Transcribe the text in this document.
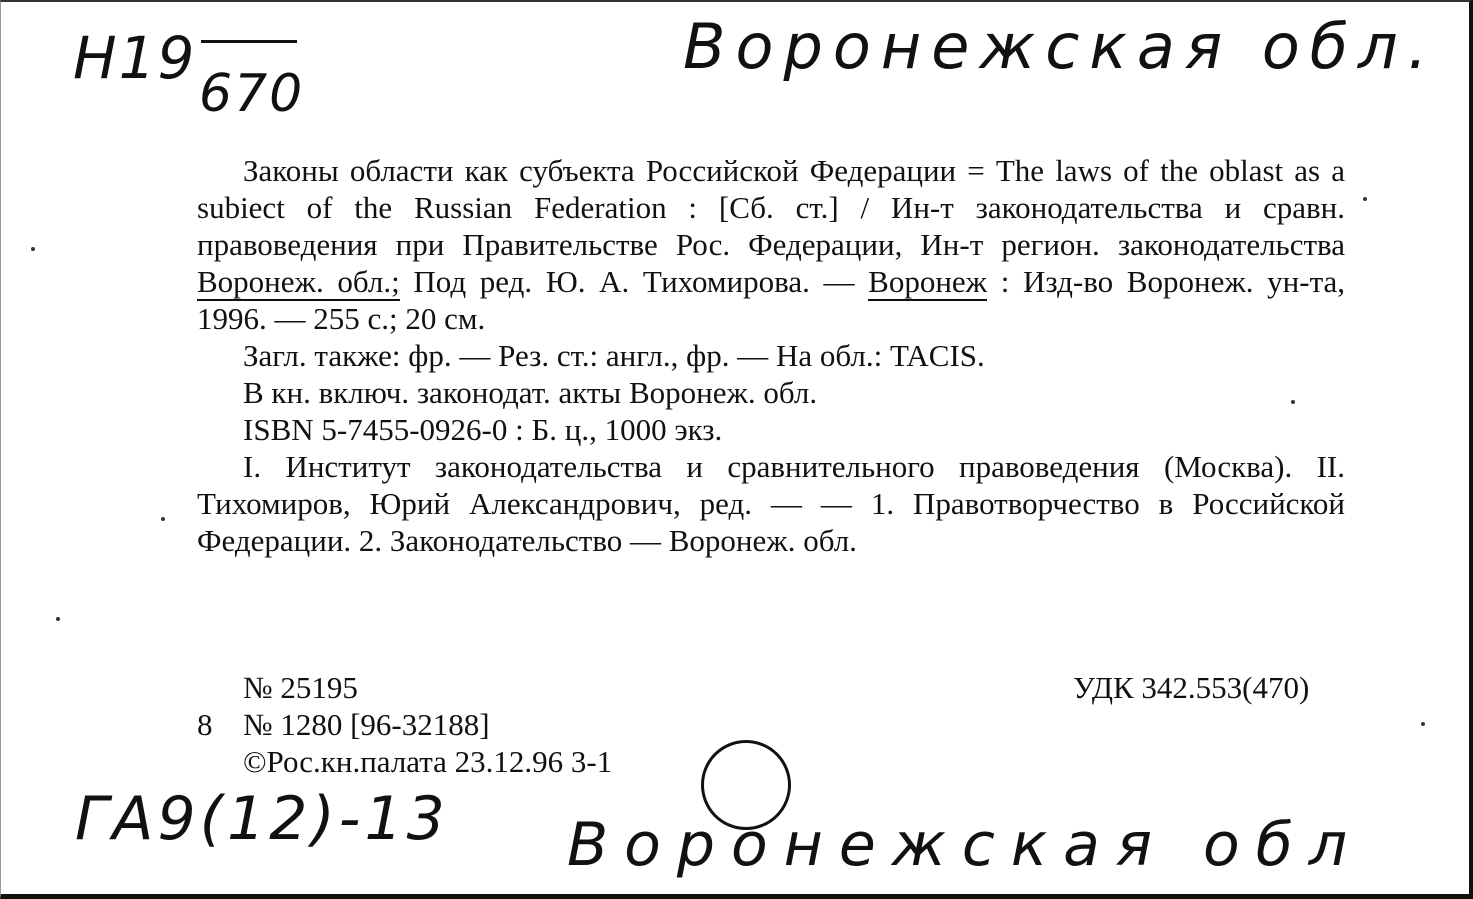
Н19
670
Воронежская обл.

Законы области как субъекта Российской Федерации = The laws of the oblast as a subiect of the Russian Federation : [Сб. ст.] / Ин-т законодательства и сравн. правоведения при Правительстве Рос. Федерации, Ин-т регион. законодательства Воронеж. обл.; Под ред. Ю. А. Тихомирова. — Воронеж : Изд-во Воронеж. ун-та, 1996. — 255 с.; 20 см.

Загл. также: фр. — Рез. ст.: англ., фр. — На обл.: TACIS.

В кн. включ. законодат. акты Воронеж. обл.

ISBN 5-7455-0926-0 : Б. ц., 1000 экз.

I. Институт законодательства и сравнительного правоведения (Москва). II. Тихомиров, Юрий Александрович, ред. — — 1. Правотворчество в Российской Федерации. 2. Законодательство — Воронеж. обл.

№ 25195	УДК 342.553(470)
8 № 1280 [96-32188]
©Рос.кн.палата 23.12.96 3-1
ГА9(12)-13 Воронежская обл
